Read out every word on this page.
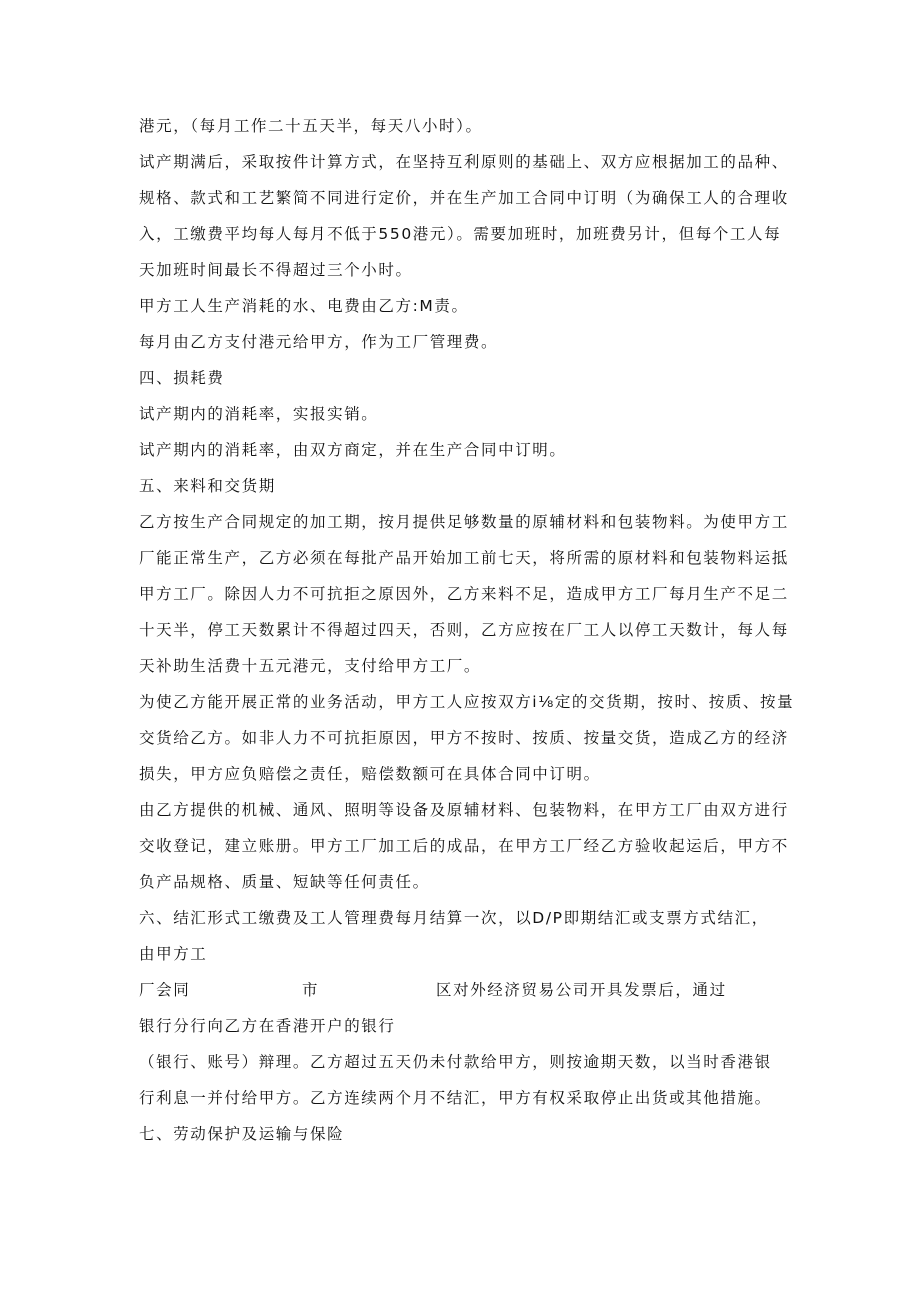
港元，（每月工作二十五天半，每天八小时）。
试产期满后，采取按件计算方式，在坚持互利原则的基础上、双方应根据加工的品种、
规格、款式和工艺繁简不同进行定价，并在生产加工合同中订明（为确保工人的合理收
入，工缴费平均每人每月不低于550港元）。需要加班时，加班费另计，但每个工人每
天加班时间最长不得超过三个小时。
甲方工人生产消耗的水、电费由乙方:M责。
每月由乙方支付港元给甲方，作为工厂管理费。
四、损耗费
试产期内的消耗率，实报实销。
试产期内的消耗率，由双方商定，并在生产合同中订明。
五、来料和交货期
乙方按生产合同规定的加工期，按月提供足够数量的原辅材料和包装物料。为使甲方工
厂能正常生产，乙方必须在每批产品开始加工前七天，将所需的原材料和包装物料运抵
甲方工厂。除因人力不可抗拒之原因外，乙方来料不足，造成甲方工厂每月生产不足二
十天半，停工天数累计不得超过四天，否则，乙方应按在厂工人以停工天数计，每人每
天补助生活费十五元港元，支付给甲方工厂。
为使乙方能开展正常的业务活动，甲方工人应按双方i⅛定的交货期，按时、按质、按量
交货给乙方。如非人力不可抗拒原因，甲方不按时、按质、按量交货，造成乙方的经济
损失，甲方应负赔偿之责任，赔偿数额可在具体合同中订明。
由乙方提供的机械、通风、照明等设备及原辅材料、包装物料，在甲方工厂由双方进行
交收登记，建立账册。甲方工厂加工后的成品，在甲方工厂经乙方验收起运后，甲方不
负产品规格、质量、短缺等任何责任。
六、结汇形式工缴费及工人管理费每月结算一次，以D/P即期结汇或支票方式结汇，
由甲方工
厂会同	市	区对外经济贸易公司开具发票后，通过
银行分行向乙方在香港开户的银行
（银行、账号）辩理。乙方超过五天仍未付款给甲方，则按逾期天数，以当时香港银
行利息一并付给甲方。乙方连续两个月不结汇，甲方有权采取停止出货或其他措施。
七、劳动保护及运输与保险
